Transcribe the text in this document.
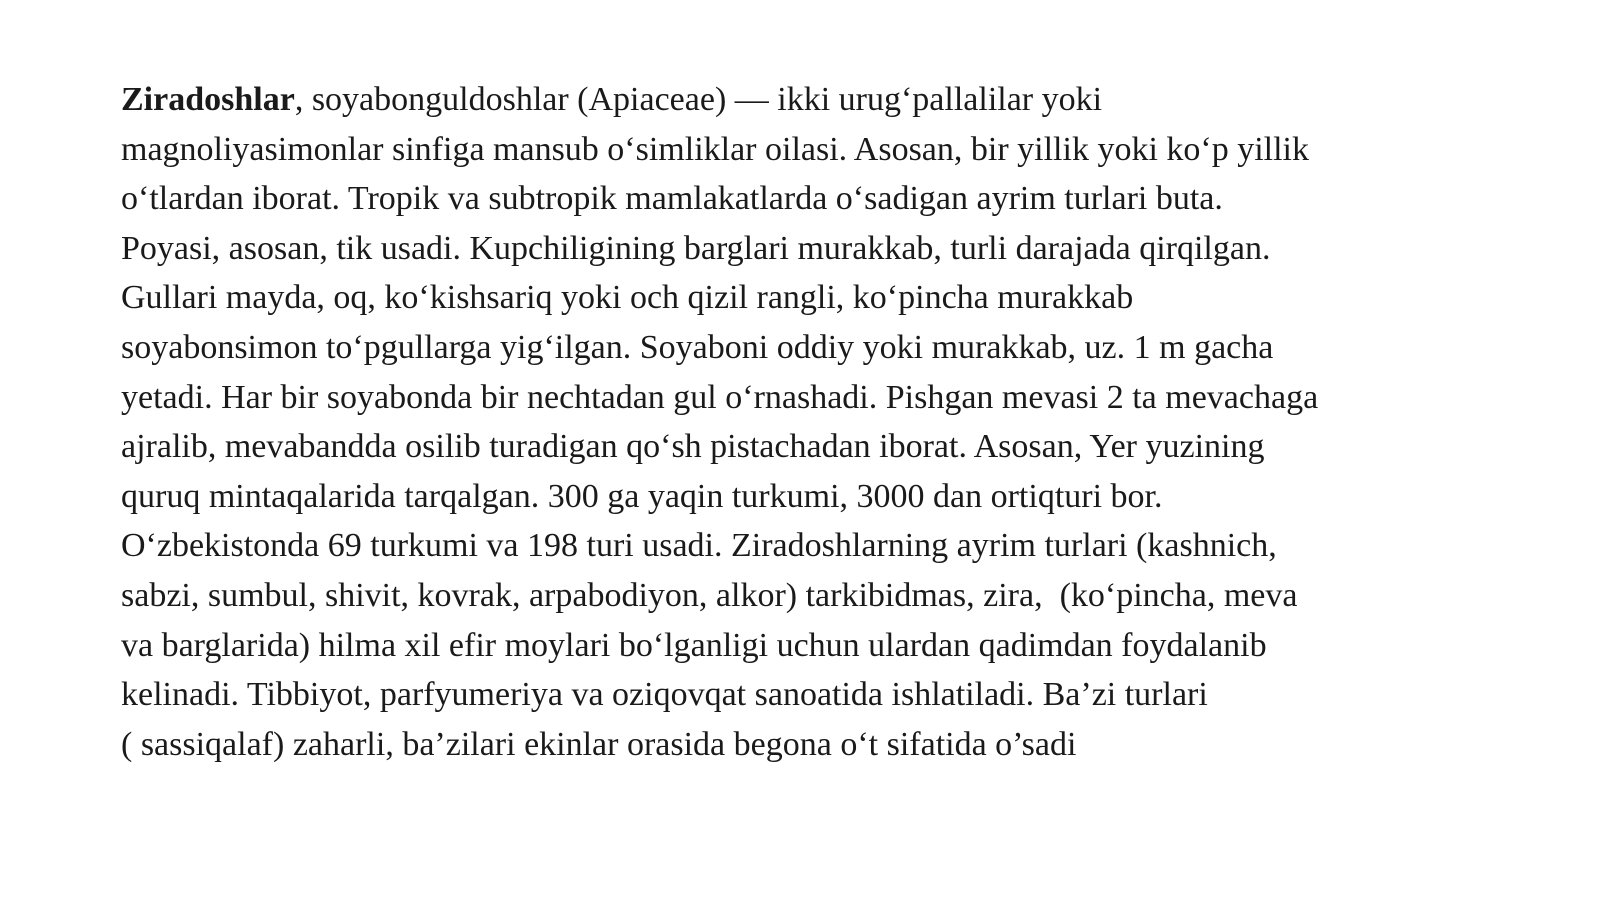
Ziradoshlar, soyabonguldoshlar (Apiaceae) — ikki urugʻpallalilar yoki
magnoliyasimonlar sinfiga mansub oʻsimliklar oilasi. Asosan, bir yillik yoki koʻp yillik
oʻtlardan iborat. Tropik va subtropik mamlakatlarda oʻsadigan ayrim turlari buta.
Poyasi, asosan, tik usadi. Kupchiligining barglari murakkab, turli darajada qirqilgan.
Gullari mayda, oq, koʻkishsariq yoki och qizil rangli, koʻpincha murakkab
soyabonsimon toʻpgullarga yigʻilgan. Soyaboni oddiy yoki murakkab, uz. 1 m gacha
yetadi. Har bir soyabonda bir nechtadan gul oʻrnashadi. Pishgan mevasi 2 ta mevachaga
ajralib, mevabandda osilib turadigan qoʻsh pistachadan iborat. Asosan, Yer yuzining
quruq mintaqalarida tarqalgan. 300 ga yaqin turkumi, 3000 dan ortiqturi bor.
Oʻzbekistonda 69 turkumi va 198 turi usadi. Ziradoshlarning ayrim turlari (kashnich,
sabzi, sumbul, shivit, kovrak, arpabodiyon, alkor) tarkibidmas, zira,  (koʻpincha, meva
va barglarida) hilma xil efir moylari boʻlganligi uchun ulardan qadimdan foydalanib
kelinadi. Tibbiyot, parfyumeriya va oziqovqat sanoatida ishlatiladi. Ba’zi turlari
( sassiqalaf) zaharli, ba’zilari ekinlar orasida begona oʻt sifatida o’sadi
